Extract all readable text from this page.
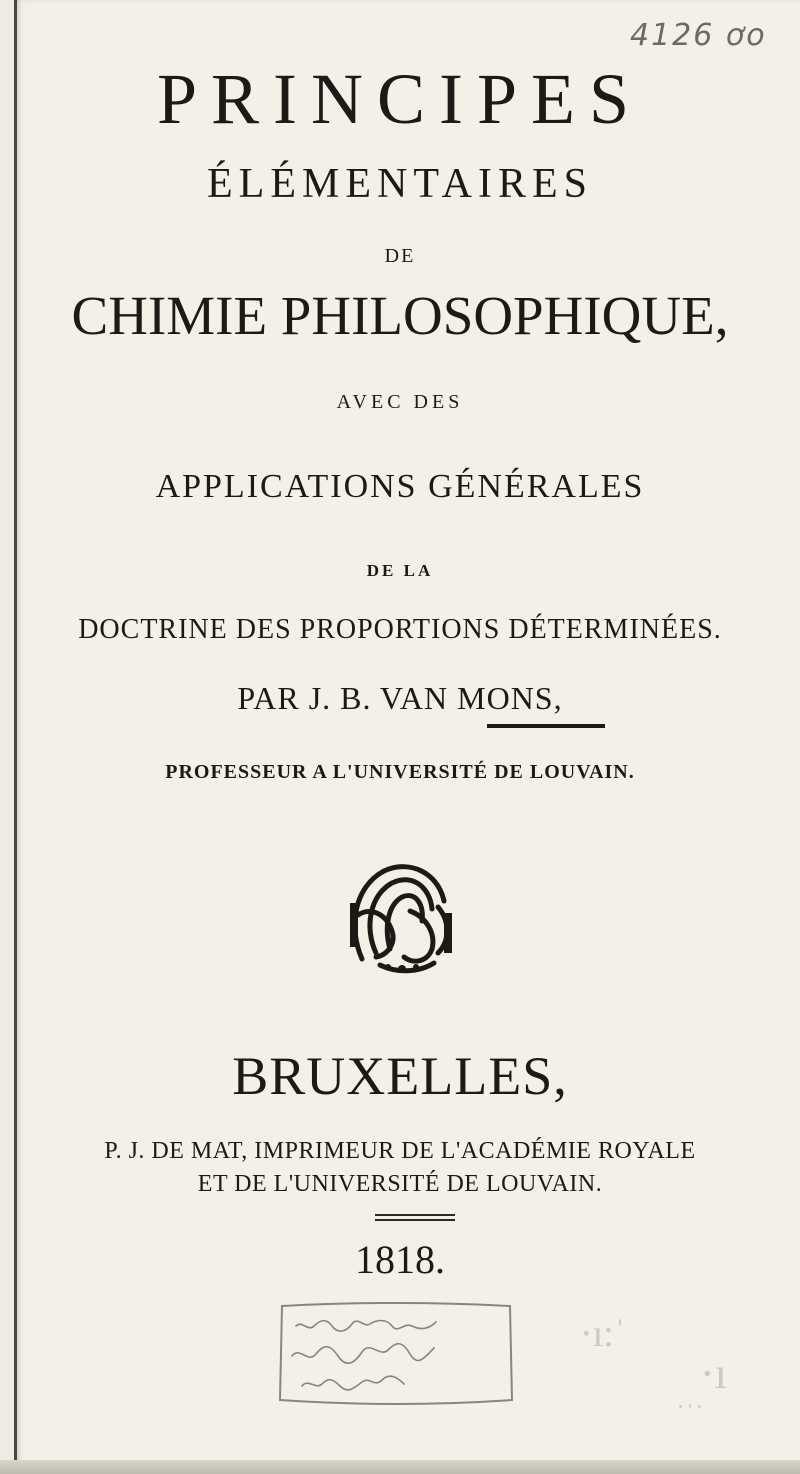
4126 ơo
PRINCIPES
ÉLÉMENTAIRES
DE
CHIMIE PHILOSOPHIQUE,
AVEC DES
APPLICATIONS GÉNÉRALES
DE LA
DOCTRINE DES PROPORTIONS DÉTERMINÉES.
PAR J. B. VAN MONS,
PROFESSEUR A L'UNIVERSITÉ DE LOUVAIN.
BRUXELLES,
P. J. DE MAT, IMPRIMEUR DE L'ACADÉMIE ROYALE
ET DE L'UNIVERSITÉ DE LOUVAIN.
1818.
·ı:ˈ
·ı
˙ˈ˙
